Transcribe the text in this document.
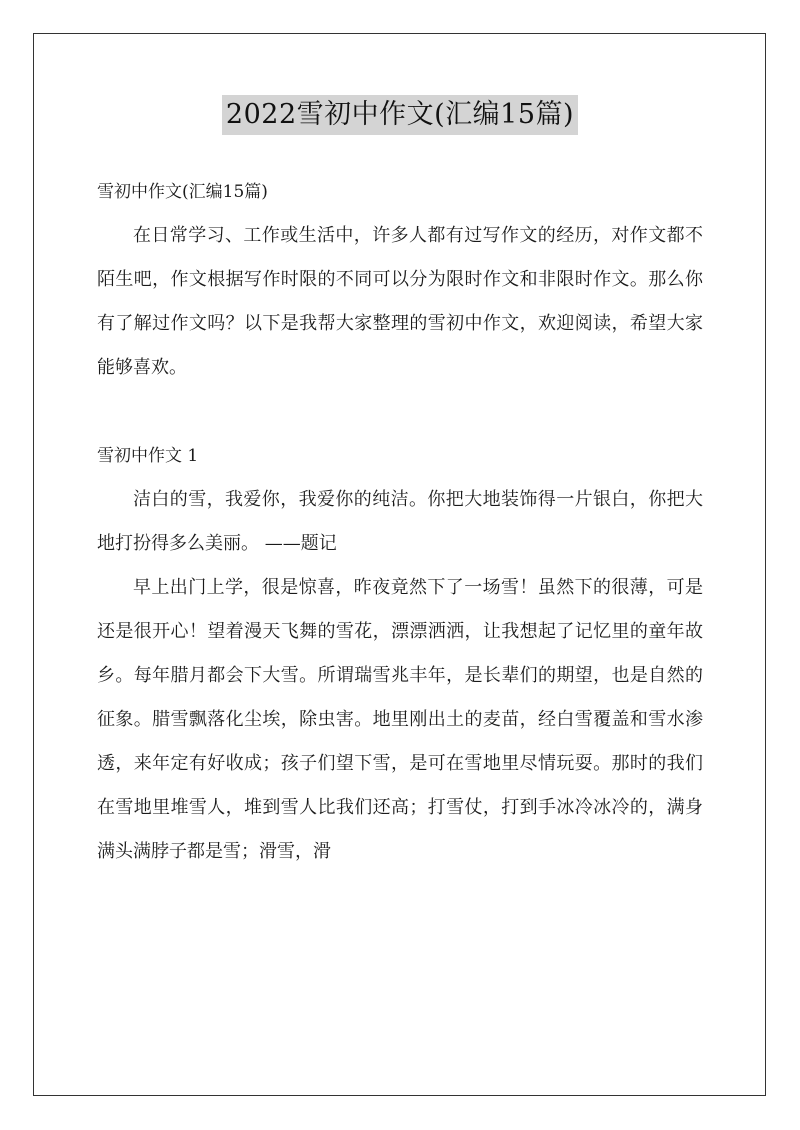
2022雪初中作文(汇编15篇)

雪初中作文(汇编15篇)

在日常学习、工作或生活中，许多人都有过写作文的经历，对作文都不陌生吧，作文根据写作时限的不同可以分为限时作文和非限时作文。那么你有了解过作文吗？以下是我帮大家整理的雪初中作文，欢迎阅读，希望大家能够喜欢。

雪初中作文 1

洁白的雪，我爱你，我爱你的纯洁。你把大地装饰得一片银白，你把大地打扮得多么美丽。 ——题记

早上出门上学，很是惊喜，昨夜竟然下了一场雪！虽然下的很薄，可是还是很开心！望着漫天飞舞的雪花，漂漂洒洒，让我想起了记忆里的童年故乡。每年腊月都会下大雪。所谓瑞雪兆丰年，是长辈们的期望，也是自然的征象。腊雪飘落化尘埃，除虫害。地里刚出土的麦苗，经白雪覆盖和雪水渗透，来年定有好收成；孩子们望下雪，是可在雪地里尽情玩耍。那时的我们在雪地里堆雪人，堆到雪人比我们还高；打雪仗，打到手冰冷冰冷的，满身满头满脖子都是雪；滑雪，滑
